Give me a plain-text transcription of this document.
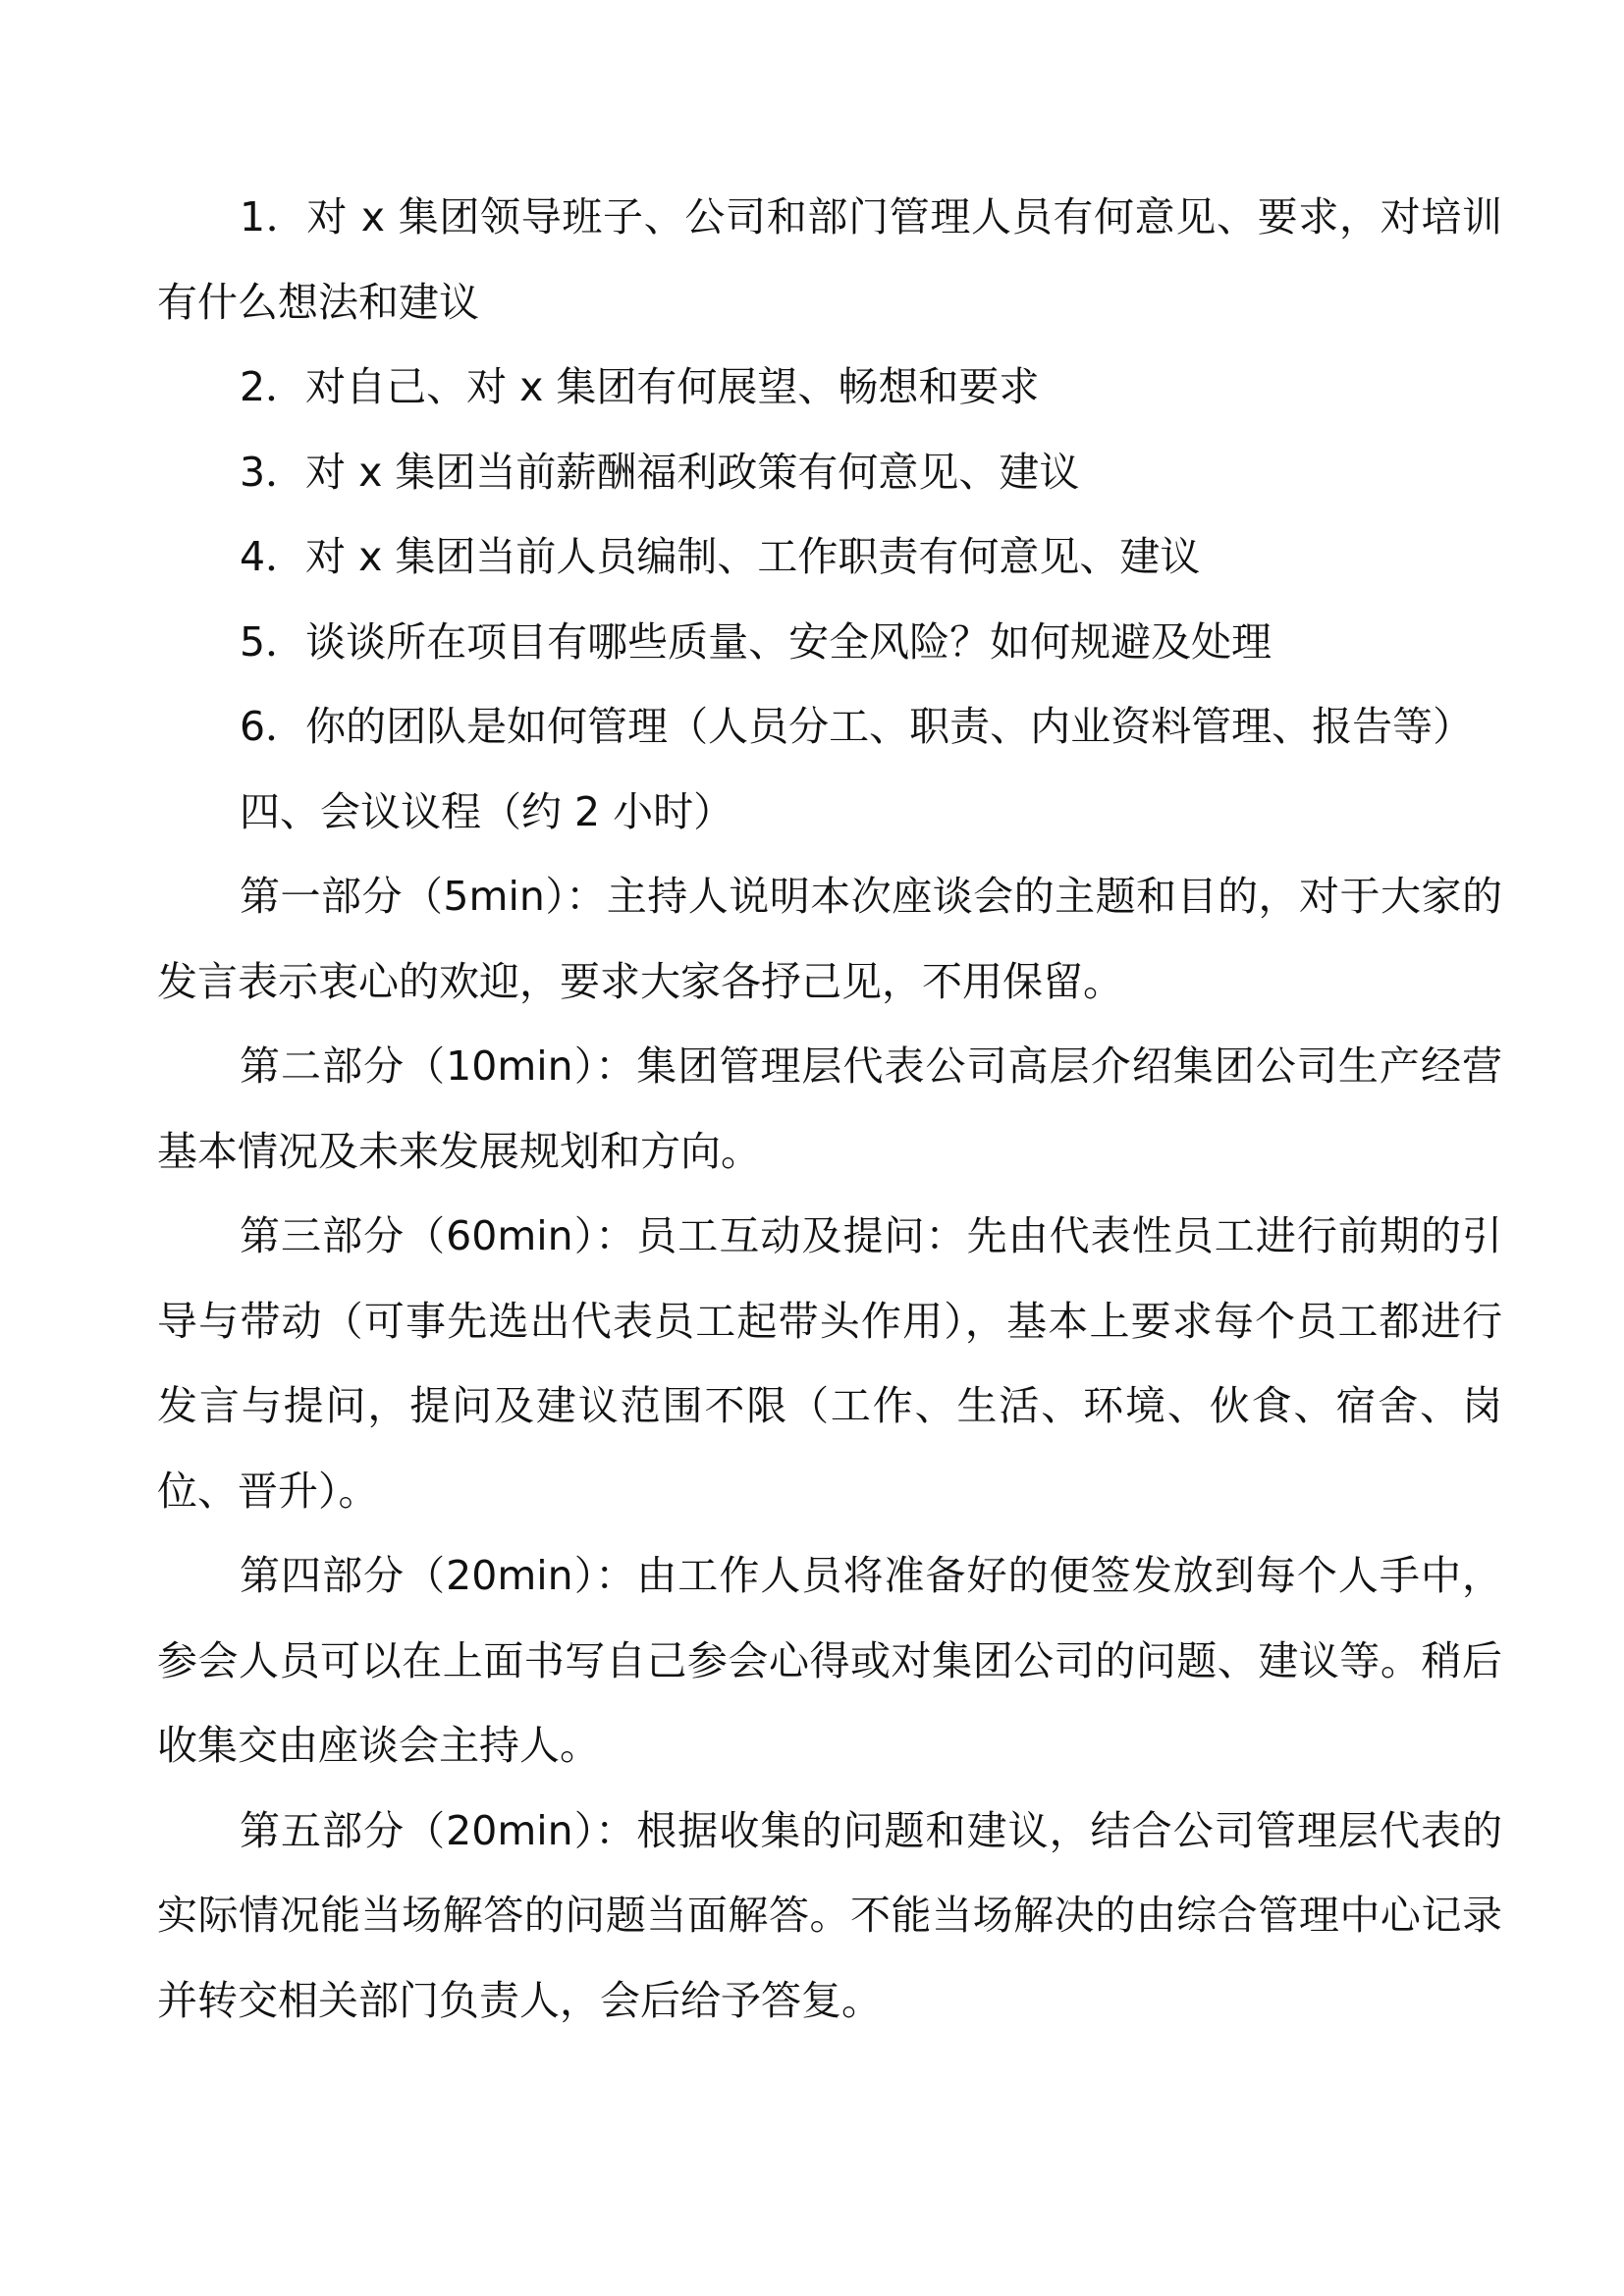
1．对 x 集团领导班子、公司和部门管理人员有何意见、要求，对培训有什么想法和建议

2．对自己、对 x 集团有何展望、畅想和要求

3．对 x 集团当前薪酬福利政策有何意见、建议

4．对 x 集团当前人员编制、工作职责有何意见、建议

5．谈谈所在项目有哪些质量、安全风险？如何规避及处理

6．你的团队是如何管理（人员分工、职责、内业资料管理、报告等）

四、会议议程（约 2 小时）

第一部分（5min）：主持人说明本次座谈会的主题和目的，对于大家的发言表示衷心的欢迎，要求大家各抒己见，不用保留。

第二部分（10min）：集团管理层代表公司高层介绍集团公司生产经营基本情况及未来发展规划和方向。

第三部分（60min）：员工互动及提问：先由代表性员工进行前期的引导与带动（可事先选出代表员工起带头作用），基本上要求每个员工都进行发言与提问，提问及建议范围不限（工作、生活、环境、伙食、宿舍、岗位、晋升）。

第四部分（20min）：由工作人员将准备好的便签发放到每个人手中，参会人员可以在上面书写自己参会心得或对集团公司的问题、建议等。稍后收集交由座谈会主持人。

第五部分（20min）：根据收集的问题和建议，结合公司管理层代表的实际情况能当场解答的问题当面解答。不能当场解决的由综合管理中心记录并转交相关部门负责人，会后给予答复。
